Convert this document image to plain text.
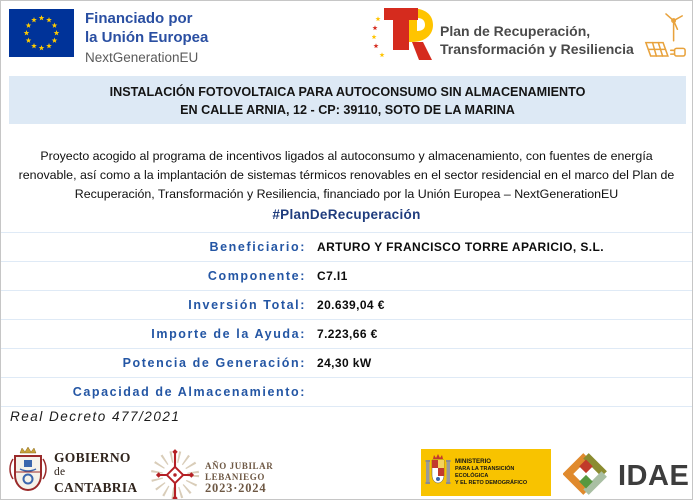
Financiado por
la Unión Europea
NextGenerationEU
Plan de Recuperación,
Transformación y Resiliencia
INSTALACIÓN FOTOVOLTAICA PARA AUTOCONSUMO SIN ALMACENAMIENTO
EN CALLE ARNIA, 12 - CP: 39110, SOTO DE LA MARINA
Proyecto acogido al programa de incentivos ligados al autoconsumo y almacenamiento, con fuentes de energía renovable, así como a la implantación de sistemas térmicos renovables en el sector residencial en el marco del Plan de Recuperación, Transformación y Resiliencia, financiado por la Unión Europea – NextGenerationEU
#PlanDeRecuperación
Beneficiario: ARTURO Y FRANCISCO TORRE APARICIO, S.L.
Componente: C7.I1
Inversión Total: 20.639,04 €
Importe de la Ayuda: 7.223,66 €
Potencia de Generación: 24,30 kW
Capacidad de Almacenamiento:
Real Decreto 477/2021
GOBIERNO
de
CANTABRIA
AÑO JUBILAR
LEBANIEGO
2023·2024
MINISTERIO
PARA LA TRANSICIÓN ECOLÓGICA
Y EL RETO DEMOGRÁFICO	IDAE
